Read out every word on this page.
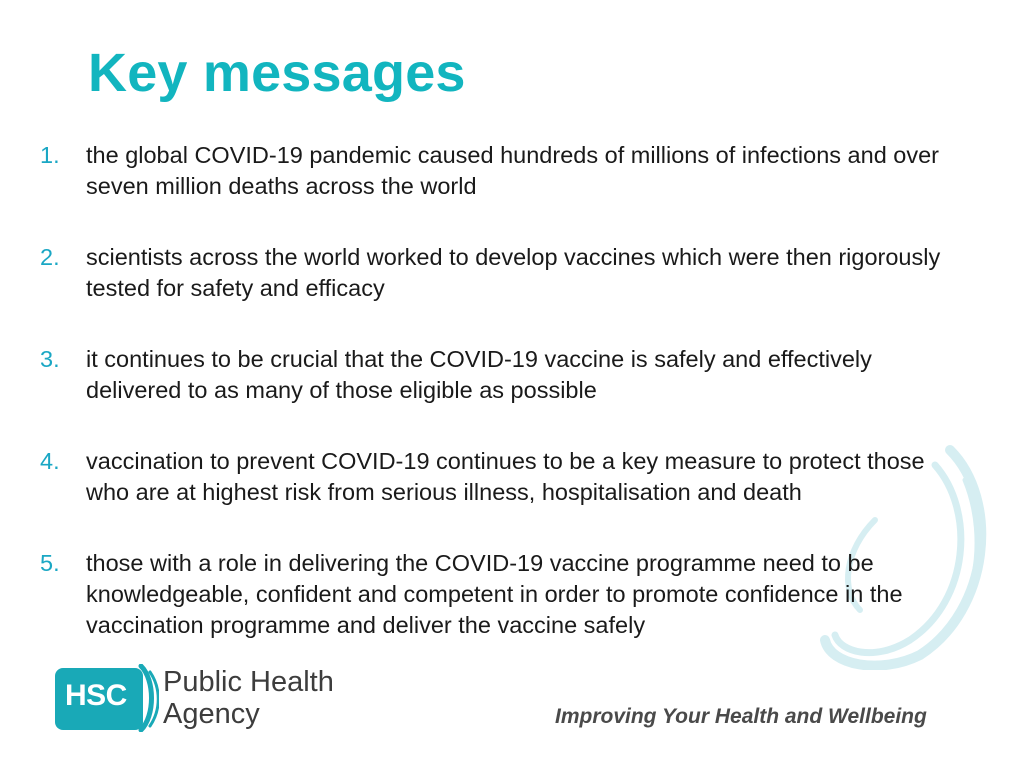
Key messages
1.	the global COVID-19 pandemic caused hundreds of millions of infections and over seven million deaths across the world
2.	scientists across the world worked to develop vaccines which were then rigorously tested for safety and efficacy
3.	it continues to be crucial that the COVID-19 vaccine is safely and effectively delivered to as many of those eligible as possible
4.	vaccination to prevent COVID-19 continues to be a key measure to protect those who are at highest risk from serious illness, hospitalisation and death
5.	those with a role in delivering the COVID-19 vaccine programme need to be knowledgeable, confident and competent in order to promote confidence in the vaccination programme and deliver the vaccine safely
HSC Public Health
Agency	Improving Your Health and Wellbeing
